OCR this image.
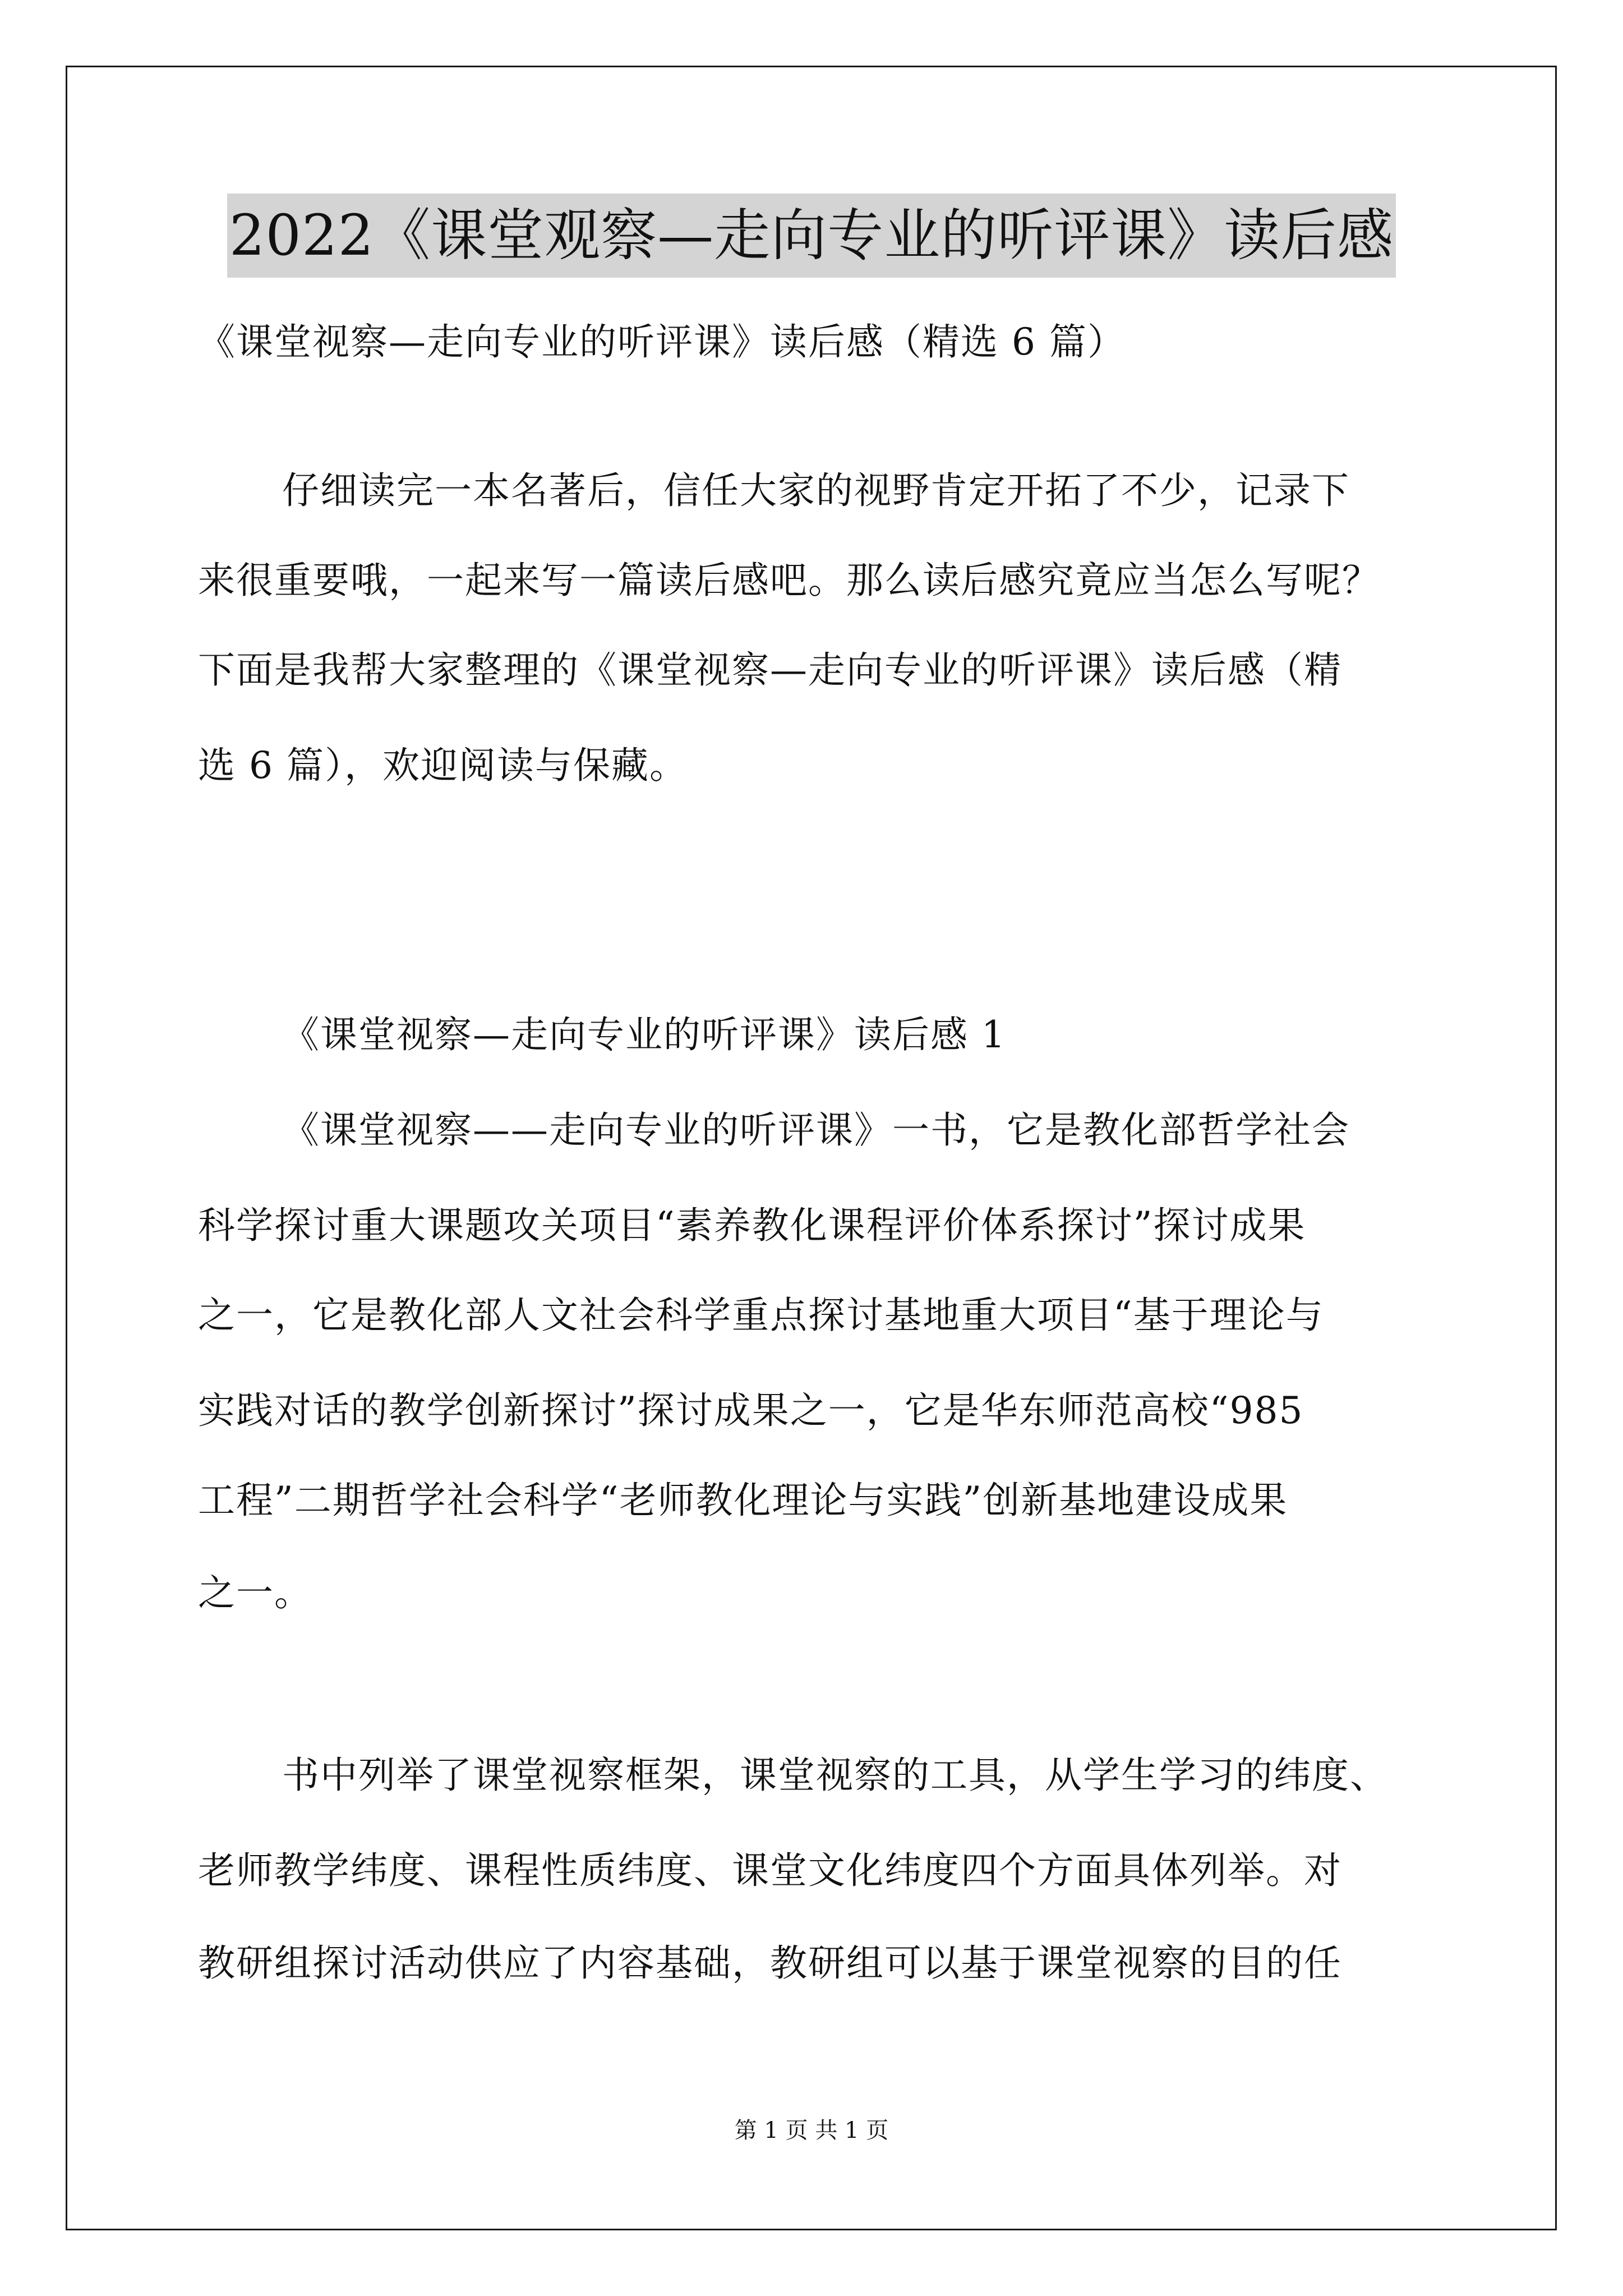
2022《课堂观察—走向专业的听评课》读后感
《课堂视察—走向专业的听评课》读后感（精选 6 篇）
仔细读完一本名著后，信任大家的视野肯定开拓了不少，记录下
来很重要哦，一起来写一篇读后感吧。那么读后感究竟应当怎么写呢？
下面是我帮大家整理的《课堂视察—走向专业的听评课》读后感（精
选 6 篇），欢迎阅读与保藏。
《课堂视察—走向专业的听评课》读后感 1
《课堂视察——走向专业的听评课》一书，它是教化部哲学社会
科学探讨重大课题攻关项目“素养教化课程评价体系探讨”探讨成果
之一，它是教化部人文社会科学重点探讨基地重大项目“基于理论与
实践对话的教学创新探讨”探讨成果之一，它是华东师范高校“985
工程”二期哲学社会科学“老师教化理论与实践”创新基地建设成果
之一。
书中列举了课堂视察框架，课堂视察的工具，从学生学习的纬度、
老师教学纬度、课程性质纬度、课堂文化纬度四个方面具体列举。对
教研组探讨活动供应了内容基础，教研组可以基于课堂视察的目的任
第 1 页 共 1 页
